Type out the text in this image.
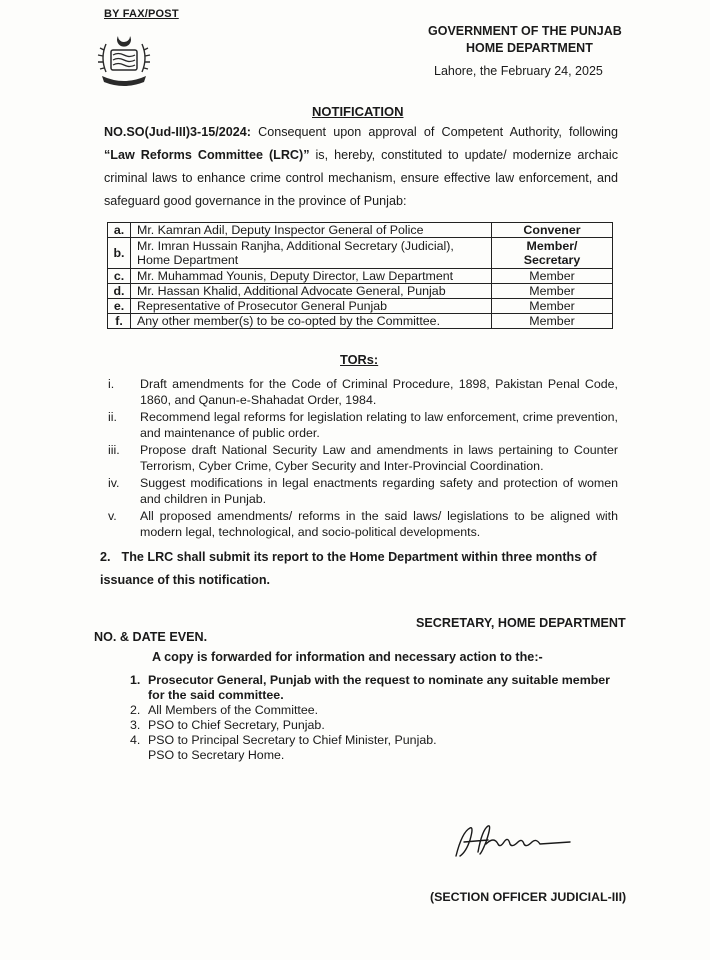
BY FAX/POST
GOVERNMENT OF THE PUNJAB
HOME DEPARTMENT
Lahore, the February 24, 2025
NOTIFICATION
NO.SO(Jud-III)3-15/2024: Consequent upon approval of Competent Authority, following “Law Reforms Committee (LRC)” is, hereby, constituted to update/ modernize archaic criminal laws to enhance crime control mechanism, ensure effective law enforcement, and safeguard good governance in the province of Punjab:
a.	Mr. Kamran Adil, Deputy Inspector General of Police	Convener
b.	Mr. Imran Hussain Ranjha, Additional Secretary (Judicial), Home Department	Member/ Secretary
c.	Mr. Muhammad Younis, Deputy Director, Law Department	Member
d.	Mr. Hassan Khalid, Additional Advocate General, Punjab	Member
e.	Representative of Prosecutor General Punjab	Member
f.	Any other member(s) to be co-opted by the Committee.	Member
TORs:
i.	Draft amendments for the Code of Criminal Procedure, 1898, Pakistan Penal Code, 1860, and Qanun-e-Shahadat Order, 1984.
ii.	Recommend legal reforms for legislation relating to law enforcement, crime prevention, and maintenance of public order.
iii.	Propose draft National Security Law and amendments in laws pertaining to Counter Terrorism, Cyber Crime, Cyber Security and Inter-Provincial Coordination.
iv.	Suggest modifications in legal enactments regarding safety and protection of women and children in Punjab.
v.	All proposed amendments/ reforms in the said laws/ legislations to be aligned with modern legal, technological, and socio-political developments.
2. The LRC shall submit its report to the Home Department within three months of issuance of this notification.
SECRETARY, HOME DEPARTMENT
NO. & DATE EVEN.
A copy is forwarded for information and necessary action to the:-
1. Prosecutor General, Punjab with the request to nominate any suitable member for the said committee.
2. All Members of the Committee.
3. PSO to Chief Secretary, Punjab.
4. PSO to Principal Secretary to Chief Minister, Punjab.
PSO to Secretary Home.
(SECTION OFFICER JUDICIAL-III)
